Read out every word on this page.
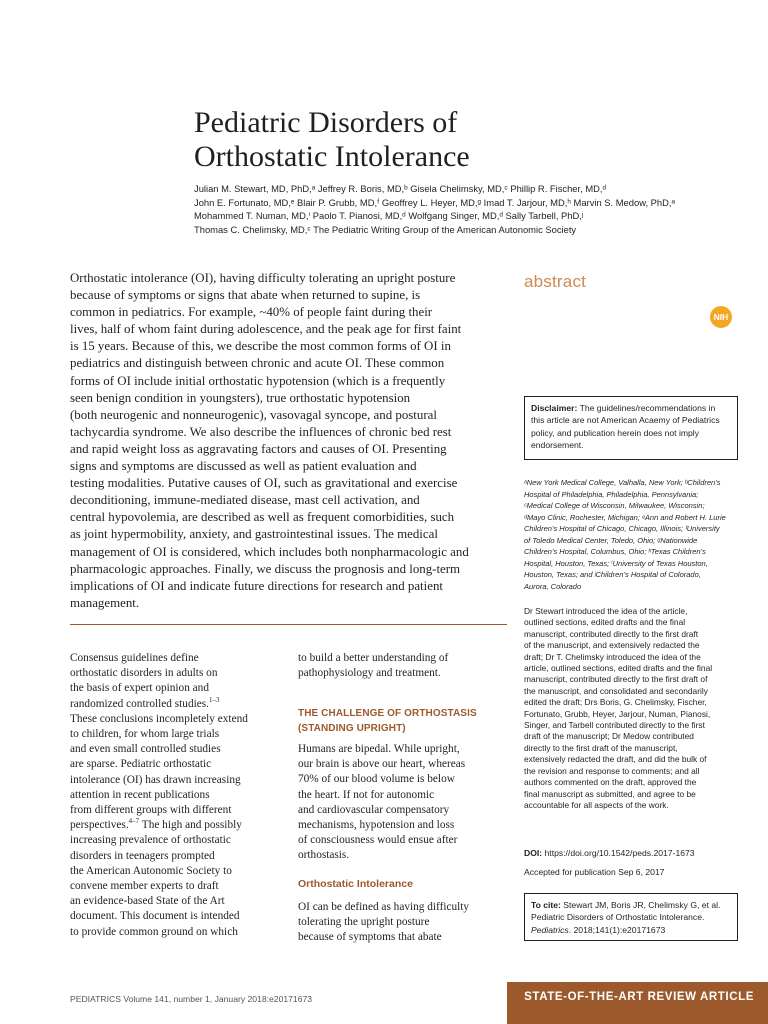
Pediatric Disorders of
Orthostatic Intolerance
Julian M. Stewart, MD, PhD,ᵃ Jeffrey R. Boris, MD,ᵇ Gisela Chelimsky, MD,ᶜ Phillip R. Fischer, MD,ᵈ
John E. Fortunato, MD,ᵉ Blair P. Grubb, MD,ᶠ Geoffrey L. Heyer, MD,ᵍ Imad T. Jarjour, MD,ʰ Marvin S. Medow, PhD,ᵃ
Mohammed T. Numan, MD,ⁱ Paolo T. Pianosi, MD,ᵈ Wolfgang Singer, MD,ᵈ Sally Tarbell, PhD,ʲ
Thomas C. Chelimsky, MD,ᶜ The Pediatric Writing Group of the American Autonomic Society
Orthostatic intolerance (OI), having difficulty tolerating an upright posture
because of symptoms or signs that abate when returned to supine, is
common in pediatrics. For example, ~40% of people faint during their
lives, half of whom faint during adolescence, and the peak age for first faint
is 15 years. Because of this, we describe the most common forms of OI in
pediatrics and distinguish between chronic and acute OI. These common
forms of OI include initial orthostatic hypotension (which is a frequently
seen benign condition in youngsters), true orthostatic hypotension
(both neurogenic and nonneurogenic), vasovagal syncope, and postural
tachycardia syndrome. We also describe the influences of chronic bed rest
and rapid weight loss as aggravating factors and causes of OI. Presenting
signs and symptoms are discussed as well as patient evaluation and
testing modalities. Putative causes of OI, such as gravitational and exercise
deconditioning, immune-mediated disease, mast cell activation, and
central hypovolemia, are described as well as frequent comorbidities, such
as joint hypermobility, anxiety, and gastrointestinal issues. The medical
management of OI is considered, which includes both nonpharmacologic and
pharmacologic approaches. Finally, we discuss the prognosis and long-term
implications of OI and indicate future directions for research and patient
management.
abstract
NIH
Consensus guidelines define
orthostatic disorders in adults on
the basis of expert opinion and
randomized controlled studies.$^{1-3}$
These conclusions incompletely extend
to children, for whom large trials
and even small controlled studies
are sparse. Pediatric orthostatic
intolerance (OI) has drawn increasing
attention in recent publications
from different groups with different
perspectives.$^{4-7}$ The high and possibly
increasing prevalence of orthostatic
disorders in teenagers prompted
the American Autonomic Society to
convene member experts to draft
an evidence-based State of the Art
document. This document is intended
to provide common ground on which
to build a better understanding of
pathophysiology and treatment.
THE CHALLENGE OF ORTHOSTASIS
(STANDING UPRIGHT)
Humans are bipedal. While upright,
our brain is above our heart, whereas
70% of our blood volume is below
the heart. If not for autonomic
and cardiovascular compensatory
mechanisms, hypotension and loss
of consciousness would ensue after
orthostasis.
Orthostatic Intolerance
OI can be defined as having difficulty
tolerating the upright posture
because of symptoms that abate
Disclaimer: The guidelines/recommendations in
this article are not American Acaemy of Pediatrics
policy, and publication herein does not imply
endorsement.
ᵃNew York Medical College, Valhalla, New York; ᵇChildren’s
Hospital of Philadelphia, Philadelphia, Pennsylvania;
ᶜMedical College of Wisconsin, Milwaukee, Wisconsin;
ᵈMayo Clinic, Rochester, Michigan; ᵉAnn and Robert H. Lurie
Children’s Hospital of Chicago, Chicago, Illinois; ᶠUniversity
of Toledo Medical Center, Toledo, Ohio; ᵍNationwide
Children’s Hospital, Columbus, Ohio; ʰTexas Children’s
Hospital, Houston, Texas; ⁱUniversity of Texas Houston,
Houston, Texas; and ʲChildren’s Hospital of Colorado,
Aurora, Colorado
Dr Stewart introduced the idea of the article,
outlined sections, edited drafts and the final
manuscript, contributed directly to the first draft
of the manuscript, and extensively redacted the
draft; Dr T. Chelimsky introduced the idea of the
article, outlined sections, edited drafts and the final
manuscript, contributed directly to the first draft of
the manuscript, and consolidated and secondarily
edited the draft; Drs Boris, G. Chelimsky, Fischer,
Fortunato, Grubb, Heyer, Jarjour, Numan, Pianosi,
Singer, and Tarbell contributed directly to the first
draft of the manuscript; Dr Medow contributed
directly to the first draft of the manuscript,
extensively redacted the draft, and did the bulk of
the revision and response to comments; and all
authors commented on the draft, approved the
final manuscript as submitted, and agree to be
accountable for all aspects of the work.
DOI: https://doi.org/10.1542/peds.2017-1673
Accepted for publication Sep 6, 2017
To cite: Stewart JM, Boris JR, Chelimsky G, et al.
Pediatric Disorders of Orthostatic Intolerance.
Pediatrics. 2018;141(1):e20171673
PEDIATRICS Volume 141, number 1, January 2018:e20171673	STATE-OF-THE-ART REVIEW ARTICLE
